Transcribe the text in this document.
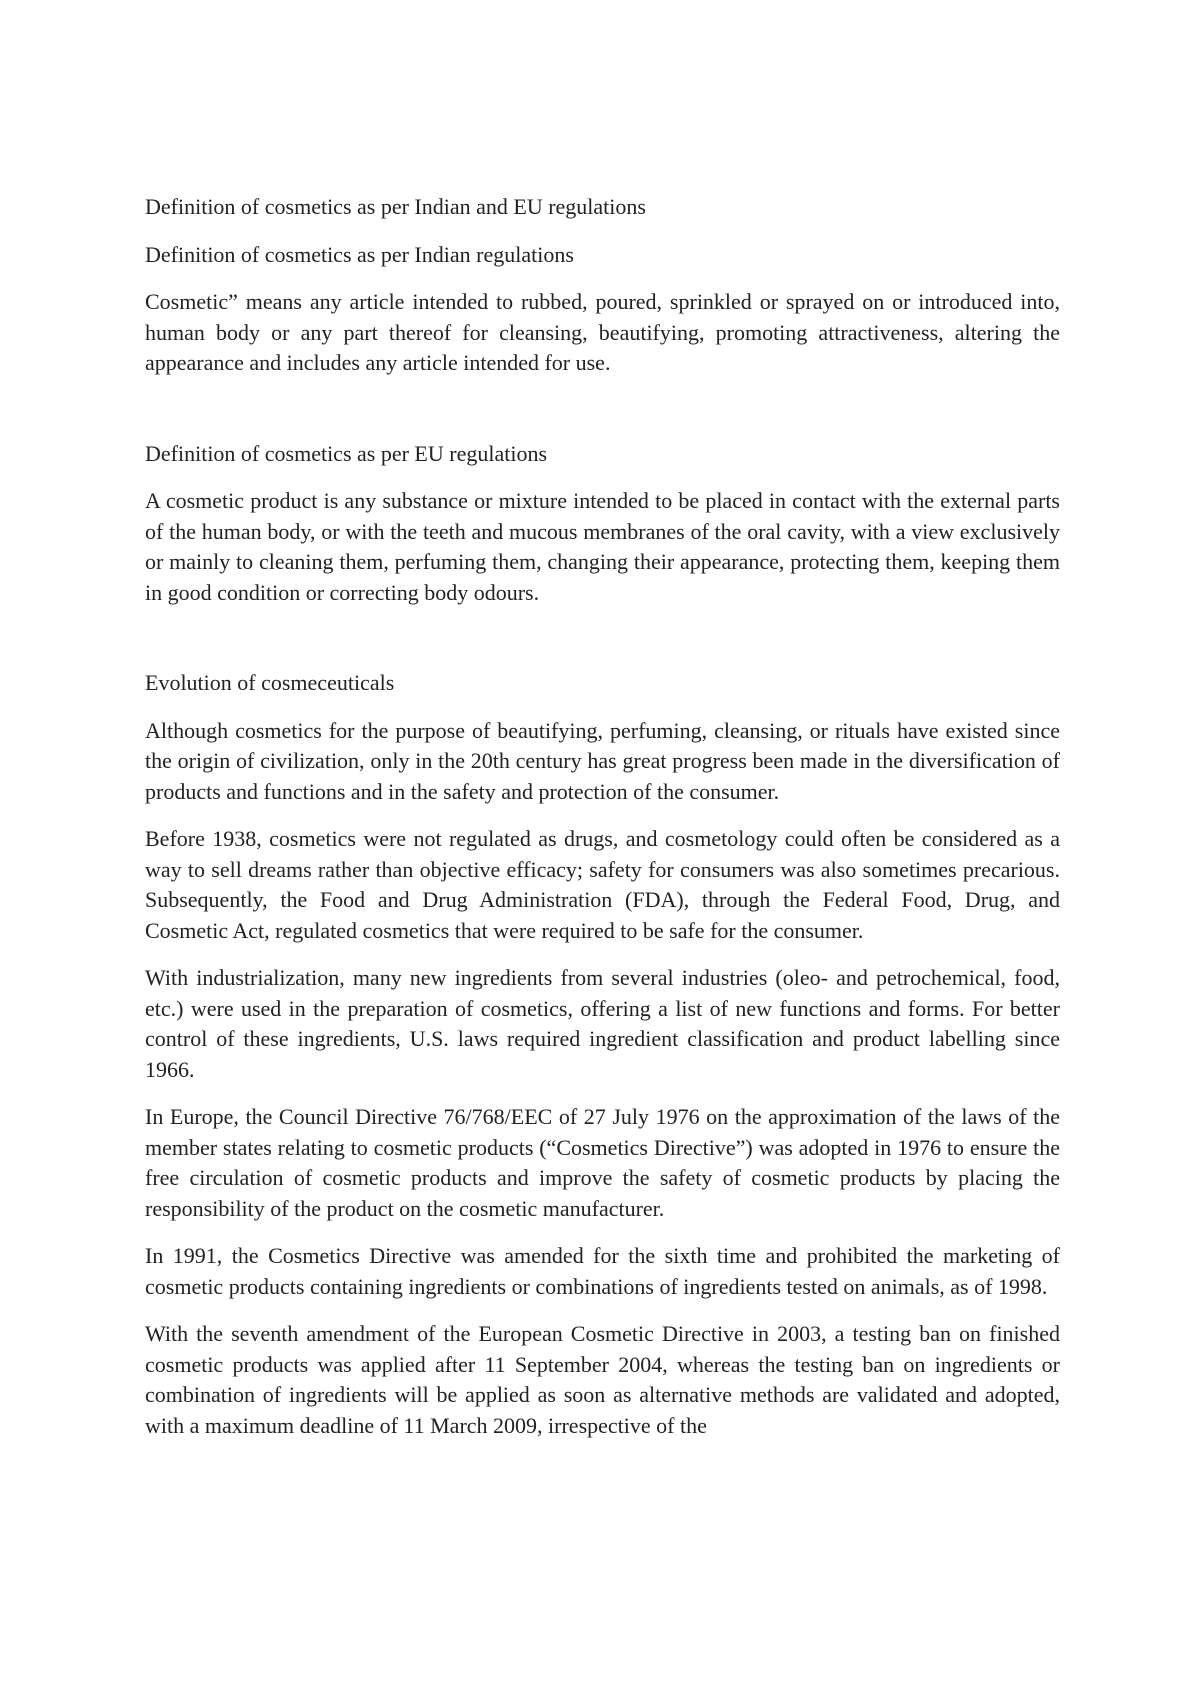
Definition of cosmetics as per Indian and EU regulations
Definition of cosmetics as per Indian regulations

Cosmetic” means any article intended to rubbed, poured, sprinkled or sprayed on or introduced into, human body or any part thereof for cleansing, beautifying, promoting attractiveness, altering the appearance and includes any article intended for use.

Definition of cosmetics as per EU regulations

A cosmetic product is any substance or mixture intended to be placed in contact with the external parts of the human body, or with the teeth and mucous membranes of the oral cavity, with a view exclusively or mainly to cleaning them, perfuming them, changing their appearance, protecting them, keeping them in good condition or correcting body odours.

Evolution of cosmeceuticals

Although cosmetics for the purpose of beautifying, perfuming, cleansing, or rituals have existed since the origin of civilization, only in the 20th century has great progress been made in the diversification of products and functions and in the safety and protection of the consumer.

Before 1938, cosmetics were not regulated as drugs, and cosmetology could often be considered as a way to sell dreams rather than objective efficacy; safety for consumers was also sometimes precarious. Subsequently, the Food and Drug Administration (FDA), through the Federal Food, Drug, and Cosmetic Act, regulated cosmetics that were required to be safe for the consumer.

With industrialization, many new ingredients from several industries (oleo- and petrochemical, food, etc.) were used in the preparation of cosmetics, offering a list of new functions and forms. For better control of these ingredients, U.S. laws required ingredient classification and product labelling since 1966.

In Europe, the Council Directive 76/768/EEC of 27 July 1976 on the approximation of the laws of the member states relating to cosmetic products (“Cosmetics Directive”) was adopted in 1976 to ensure the free circulation of cosmetic products and improve the safety of cosmetic products by placing the responsibility of the product on the cosmetic manufacturer.

In 1991, the Cosmetics Directive was amended for the sixth time and prohibited the marketing of cosmetic products containing ingredients or combinations of ingredients tested on animals, as of 1998.

With the seventh amendment of the European Cosmetic Directive in 2003, a testing ban on finished cosmetic products was applied after 11 September 2004, whereas the testing ban on ingredients or combination of ingredients will be applied as soon as alternative methods are validated and adopted, with a maximum deadline of 11 March 2009, irrespective of the
